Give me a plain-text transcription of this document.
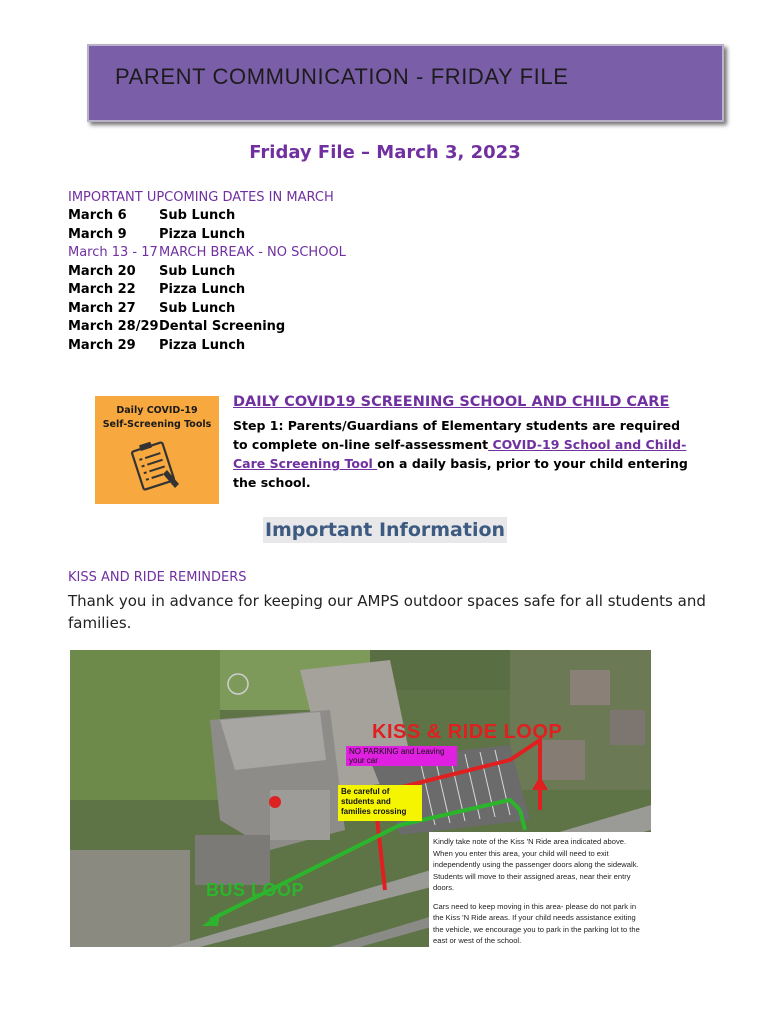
PARENT COMMUNICATION - FRIDAY FILE
Friday File – March 3, 2023
IMPORTANT UPCOMING DATES IN MARCH
March 6	Sub Lunch
March 9	Pizza Lunch
March 13 - 17 MARCH BREAK - NO SCHOOL
March 20	Sub Lunch
March 22	Pizza Lunch
March 27	Sub Lunch
March 28/29 Dental Screening
March 29	Pizza Lunch
Daily COVID-19
Self-Screening Tools
DAILY COVID19 SCREENING SCHOOL AND CHILD CARE
Step 1: Parents/Guardians of Elementary students are required to complete on-line self-assessment COVID-19 School and Child-Care Screening Tool on a daily basis, prior to your child entering the school.
Important Information
KISS AND RIDE REMINDERS
Thank you in advance for keeping our AMPS outdoor spaces safe for all students and families.
KISS & RIDE LOOP
BUS LOOP
NO PARKING and Leaving your car
Be careful of students and families crossing

Kindly take note of the Kiss 'N Ride area indicated above. When you enter this area, your child will need to exit independently using the passenger doors along the sidewalk. Students will move to their assigned areas, near their entry doors.

Cars need to keep moving in this area- please do not park in the Kiss 'N Ride areas. If your child needs assistance exiting the vehicle, we encourage you to park in the parking lot to the east or west of the school.
